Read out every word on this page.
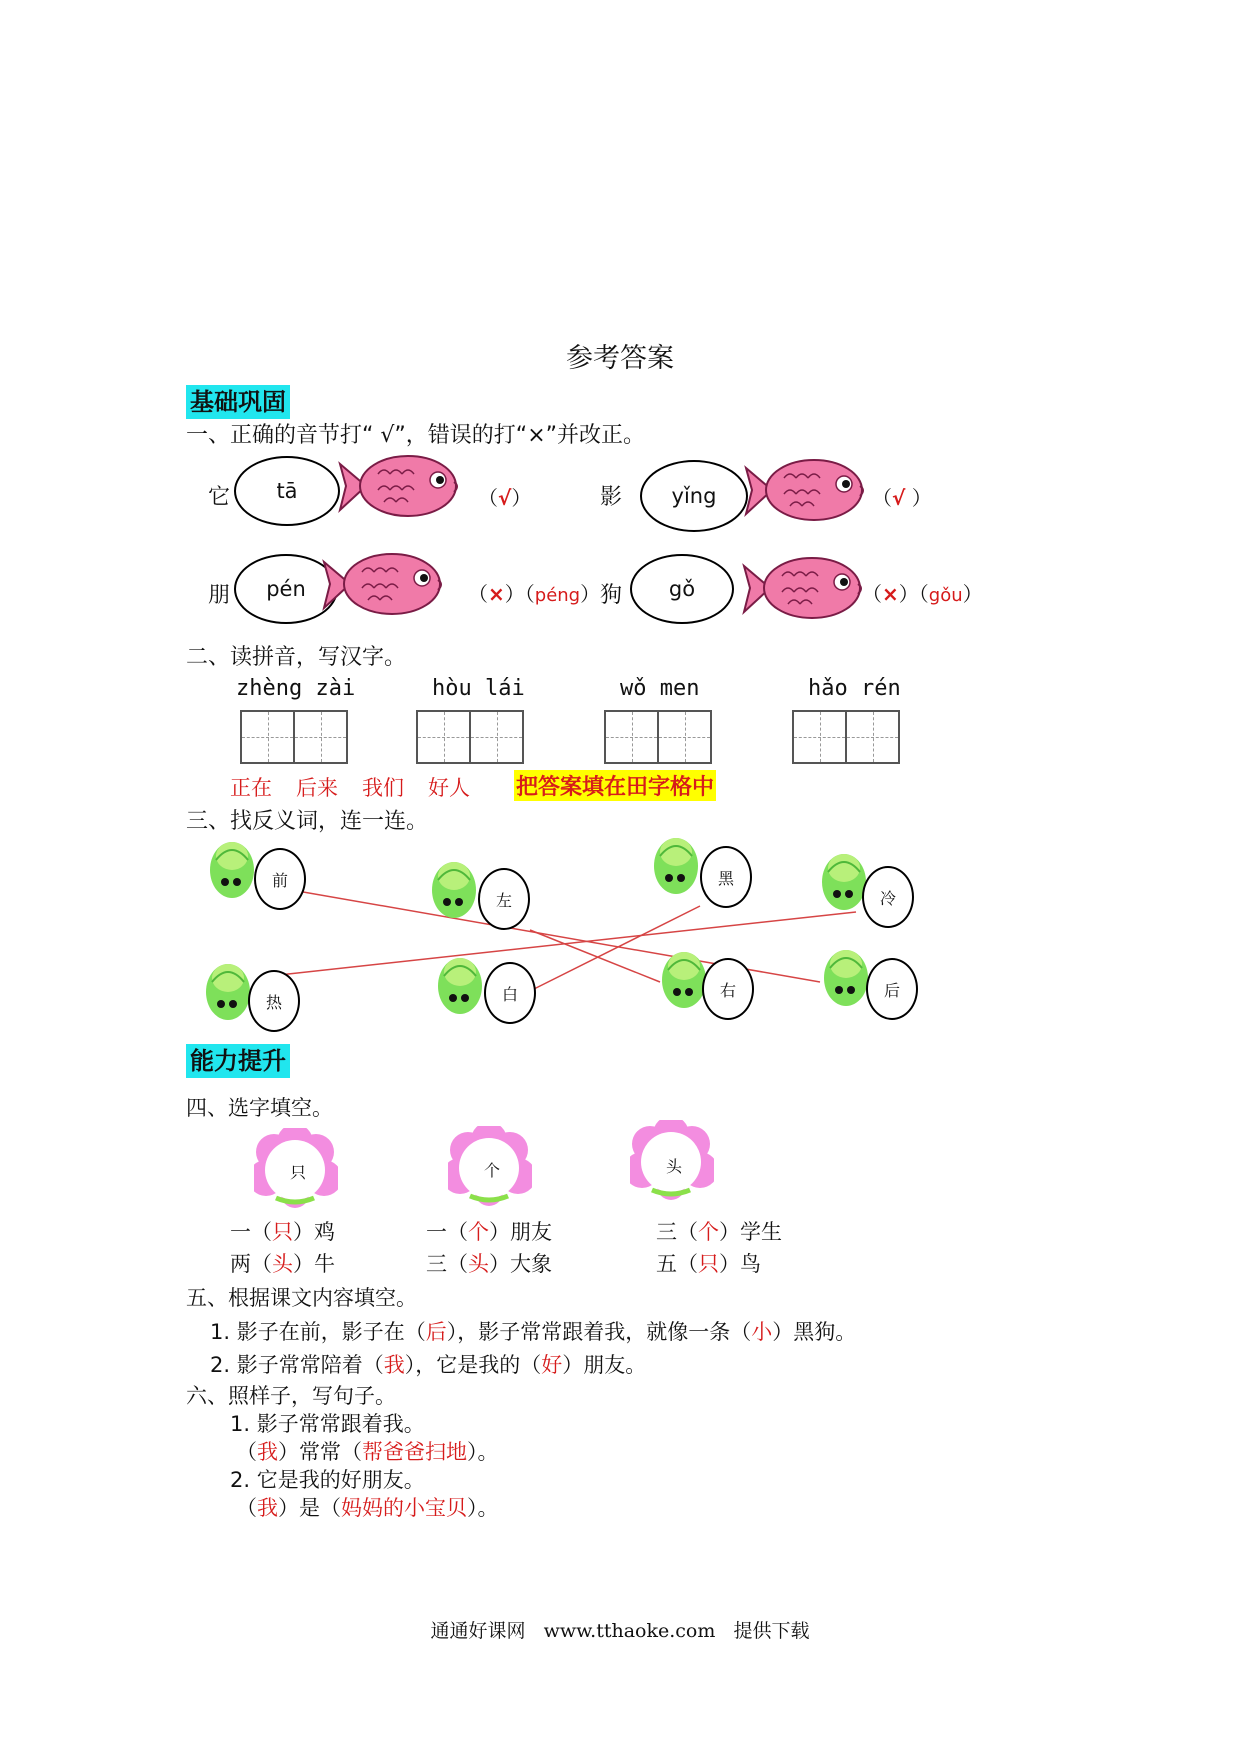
参考答案
基础巩固
一、正确的音节打“ √”，错误的打“×”并改正。
它 tā	（√）	影 yǐng	（√ ）
朋 pén	（×）（péng） 狗 gǒ	（×）（gǒu）
二、读拼音，写汉字。
zhèng zài	hòu lái	wǒ men	hǎo rén
正在 后来 我们 好人 把答案填在田字格中
三、找反义词，连一连。
前
左
黑
冷
热	白	右	后
能力提升
四、选字填空。
只	个	头
一（只）鸡	一（个）朋友	三（个）学生
两（头）牛	三（头）大象	五（只）鸟
五、根据课文内容填空。
1. 影子在前，影子在（后），影子常常跟着我，就像一条（小）黑狗。
2. 影子常常陪着（我），它是我的（好）朋友。
六、照样子，写句子。
1. 影子常常跟着我。
（我）常常（帮爸爸扫地）。
2. 它是我的好朋友。
（我）是（妈妈的小宝贝）。
通通好课网   www.tthaoke.com   提供下载
